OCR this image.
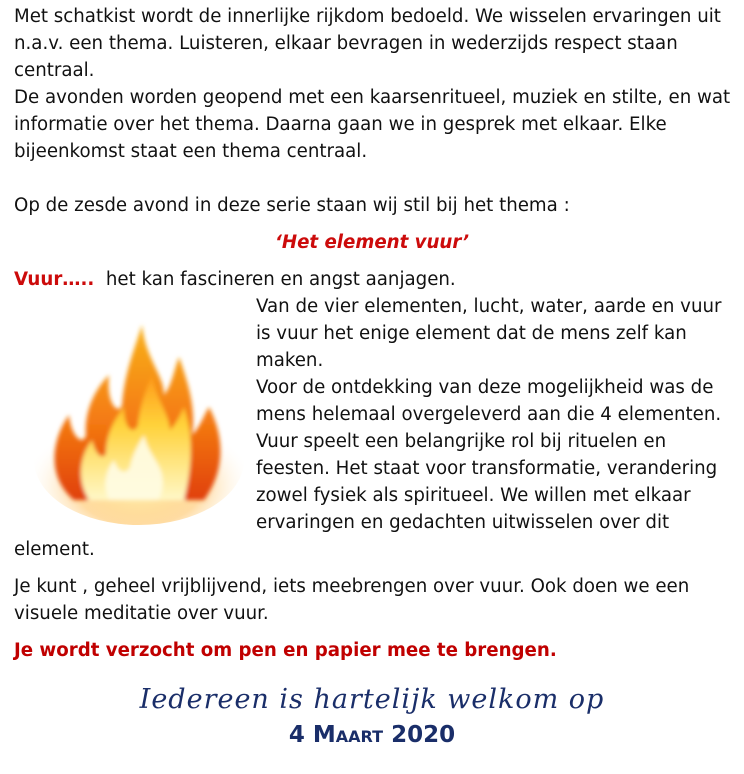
Met schatkist wordt de innerlijke rijkdom bedoeld. We wisselen ervaringen uit n.a.v. een thema. Luisteren, elkaar bevragen in wederzijds respect staan centraal.

De avonden worden geopend met een kaarsenritueel, muziek en stilte, en wat informatie over het thema. Daarna gaan we in gesprek met elkaar. Elke bijeenkomst staat een thema centraal.

Op de zesde avond in deze serie staan wij stil bij het thema :

‘Het element vuur’

Vuur…..  het kan fascineren en angst aanjagen.

Van de vier elementen, lucht, water, aarde en vuur is vuur het enige element dat de mens zelf kan maken.

Voor de ontdekking van deze mogelijkheid was de mens helemaal overgeleverd aan die 4 elementen. Vuur speelt een belangrijke rol bij rituelen en feesten. Het staat voor transformatie, verandering zowel fysiek als spiritueel. We willen met elkaar ervaringen en gedachten uitwisselen over dit element.

Je kunt , geheel vrijblijvend, iets meebrengen over vuur. Ook doen we een visuele meditatie over vuur.

Je wordt verzocht om pen en papier mee te brengen.

Iedereen is hartelijk welkom op

4 Maart 2020
